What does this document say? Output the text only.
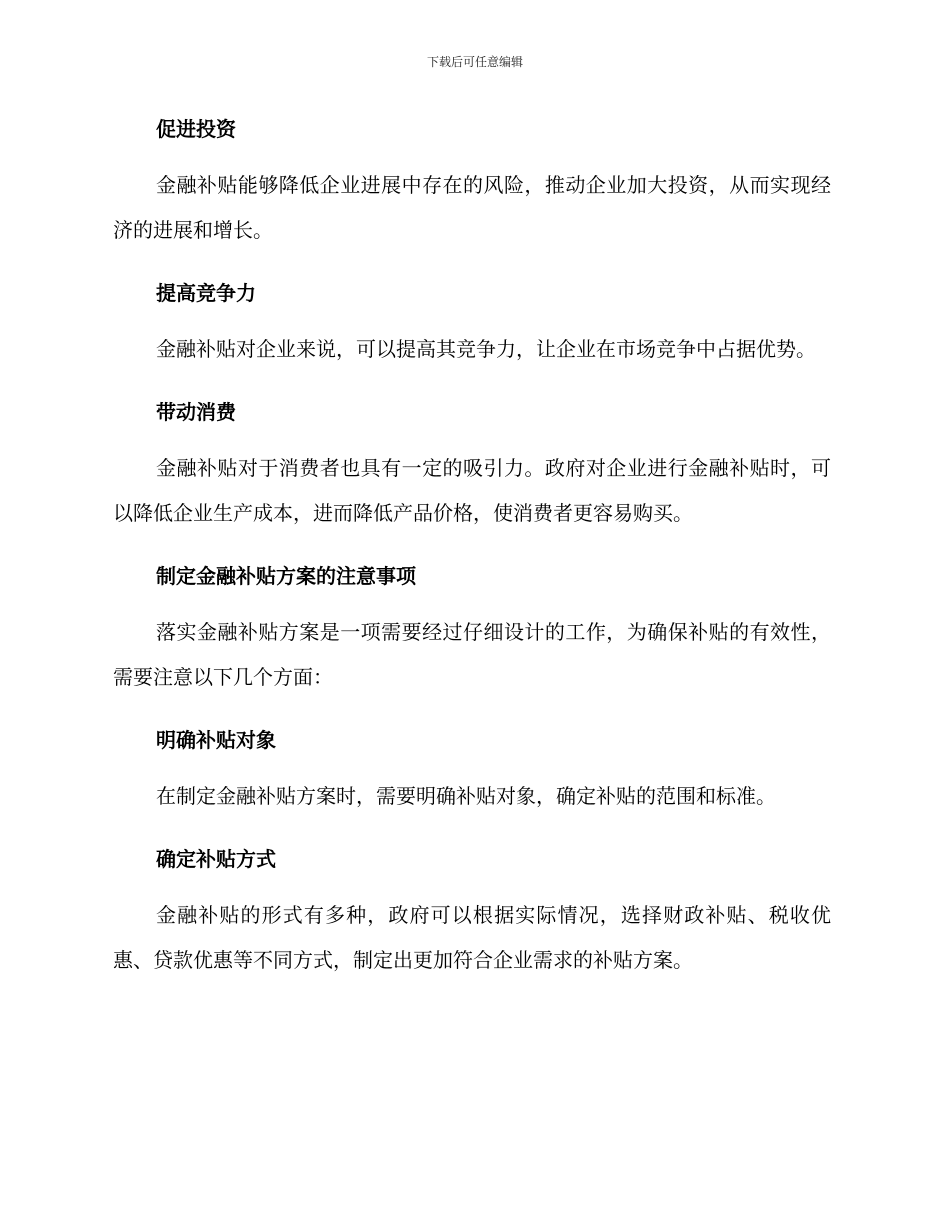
下载后可任意编辑
促进投资

金融补贴能够降低企业进展中存在的风险，推动企业加大投资，从而实现经济的进展和增长。

提高竞争力

金融补贴对企业来说，可以提高其竞争力，让企业在市场竞争中占据优势。

带动消费

金融补贴对于消费者也具有一定的吸引力。政府对企业进行金融补贴时，可以降低企业生产成本，进而降低产品价格，使消费者更容易购买。

制定金融补贴方案的注意事项

落实金融补贴方案是一项需要经过仔细设计的工作，为确保补贴的有效性，需要注意以下几个方面：

明确补贴对象

在制定金融补贴方案时，需要明确补贴对象，确定补贴的范围和标准。

确定补贴方式

金融补贴的形式有多种，政府可以根据实际情况，选择财政补贴、税收优惠、贷款优惠等不同方式，制定出更加符合企业需求的补贴方案。
